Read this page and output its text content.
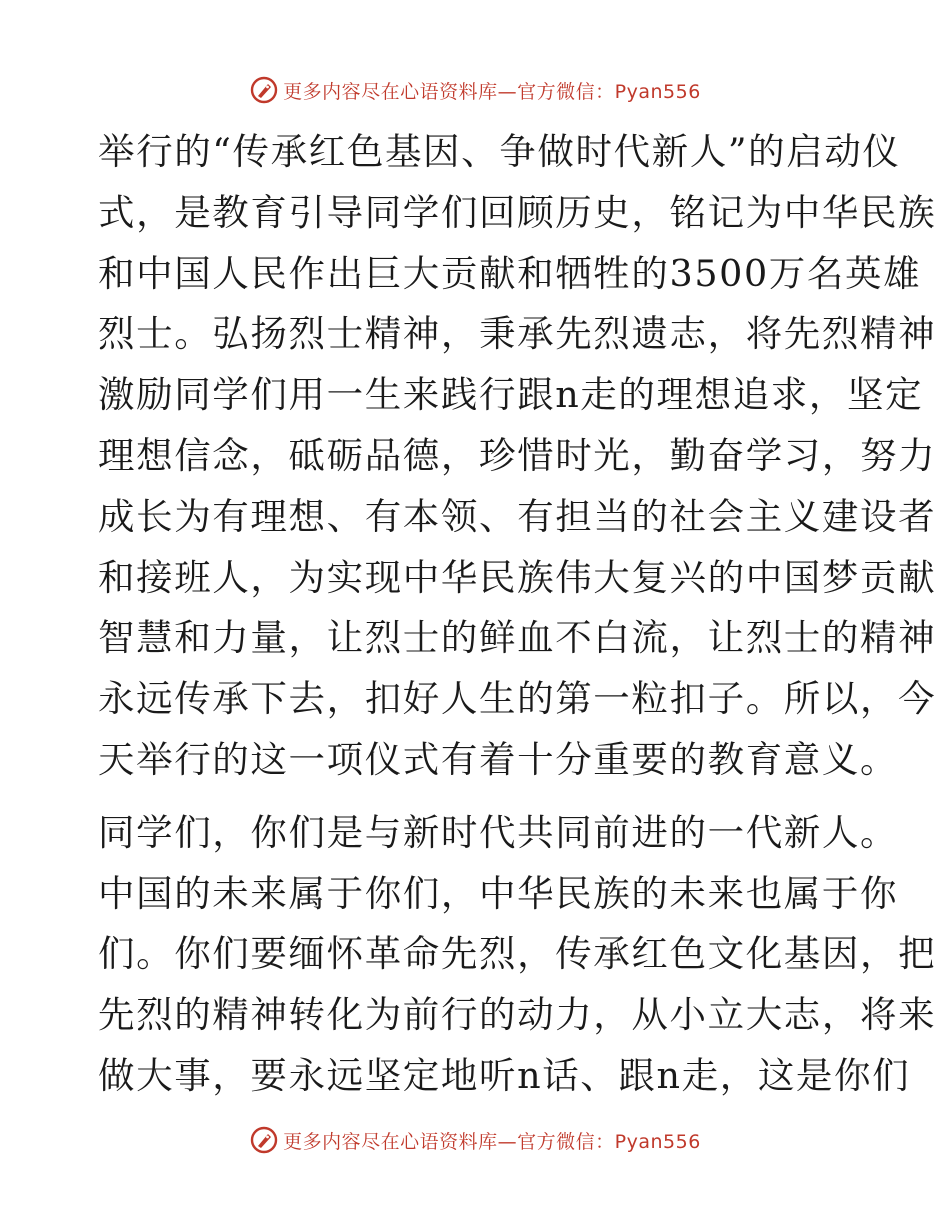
更多内容尽在心语资料库—官方微信：Pyan556
举行的“传承红色基因、争做时代新人”的启动仪
式，是教育引导同学们回顾历史，铭记为中华民族
和中国人民作出巨大贡献和牺牲的3500万名英雄
烈士。弘扬烈士精神，秉承先烈遗志，将先烈精神
激励同学们用一生来践行跟n走的理想追求，坚定
理想信念，砥砺品德，珍惜时光，勤奋学习，努力
成长为有理想、有本领、有担当的社会主义建设者
和接班人，为实现中华民族伟大复兴的中国梦贡献
智慧和力量，让烈士的鲜血不白流，让烈士的精神
永远传承下去，扣好人生的第一粒扣子。所以，今
天举行的这一项仪式有着十分重要的教育意义。
同学们，你们是与新时代共同前进的一代新人。
中国的未来属于你们，中华民族的未来也属于你
们。你们要缅怀革命先烈，传承红色文化基因，把
先烈的精神转化为前行的动力，从小立大志，将来
做大事，要永远坚定地听n话、跟n走，这是你们
更多内容尽在心语资料库—官方微信：Pyan556
